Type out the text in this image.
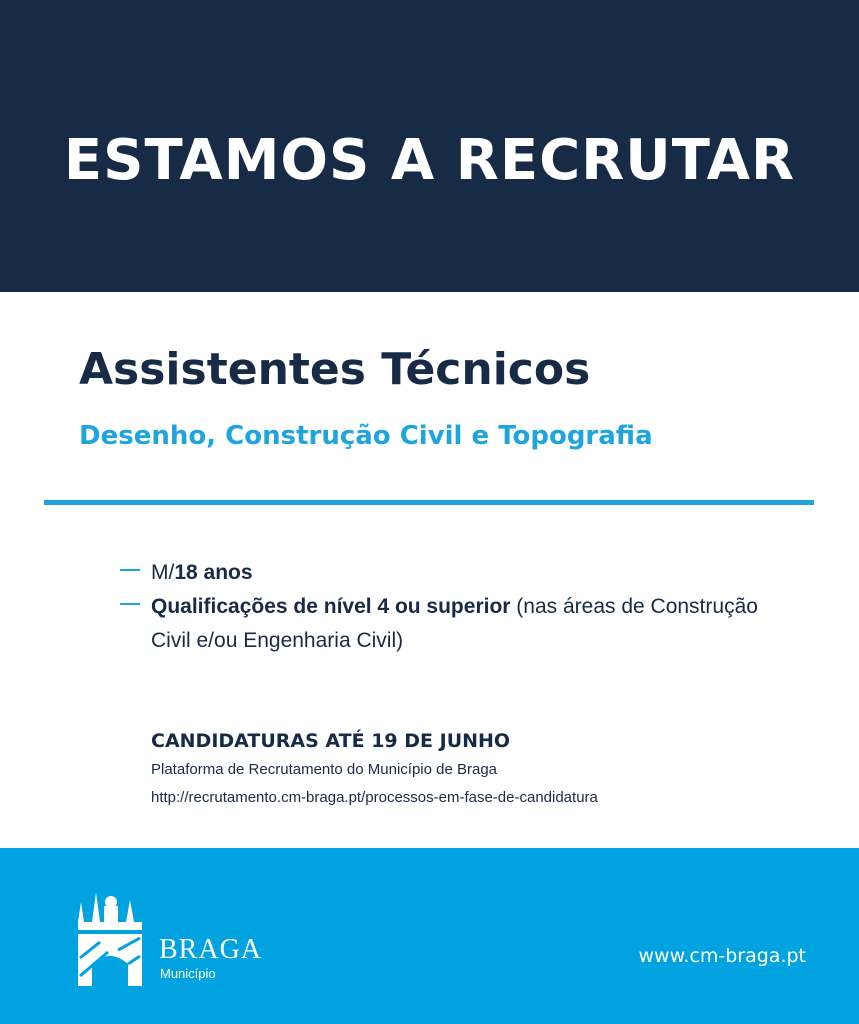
ESTAMOS A RECRUTAR
Assistentes Técnicos
Desenho, Construção Civil e Topografia
M/18 anos
Qualificações de nível 4 ou superior (nas áreas de Construção Civil e/ou Engenharia Civil)
CANDIDATURAS ATÉ 19 DE JUNHO
Plataforma de Recrutamento do Município de Braga
http://recrutamento.cm-braga.pt/processos-em-fase-de-candidatura
BRAGA
Município
www.cm-braga.pt
